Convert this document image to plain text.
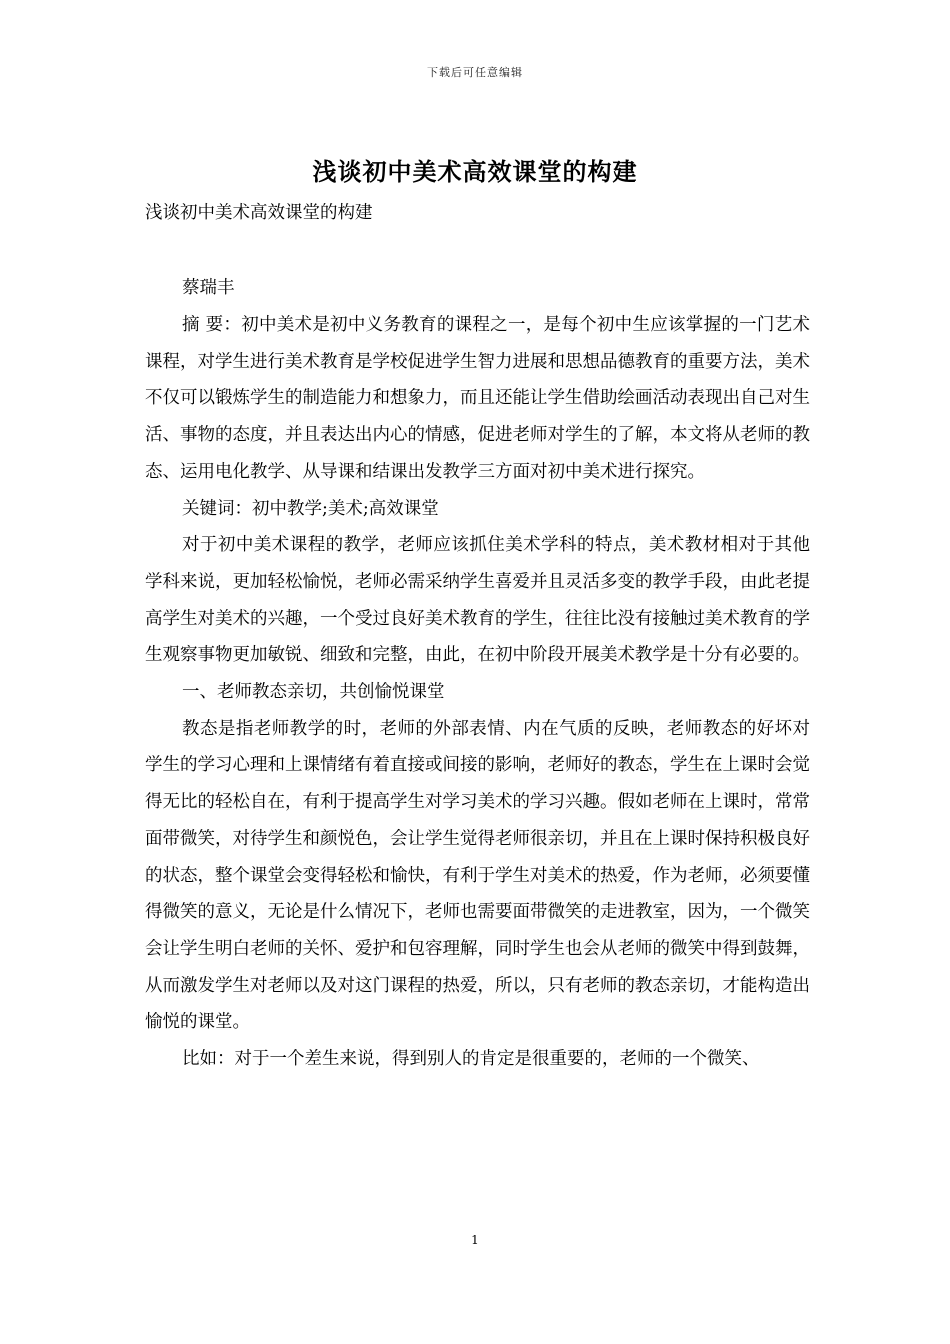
下载后可任意编辑
浅谈初中美术高效课堂的构建
浅谈初中美术高效课堂的构建
蔡瑞丰

摘 要：初中美术是初中义务教育的课程之一，是每个初中生应该掌握的一门艺术课程，对学生进行美术教育是学校促进学生智力进展和思想品德教育的重要方法，美术不仅可以锻炼学生的制造能力和想象力，而且还能让学生借助绘画活动表现出自己对生活、事物的态度，并且表达出内心的情感，促进老师对学生的了解，本文将从老师的教态、运用电化教学、从导课和结课出发教学三方面对初中美术进行探究。

关键词：初中教学;美术;高效课堂

对于初中美术课程的教学，老师应该抓住美术学科的特点，美术教材相对于其他学科来说，更加轻松愉悦，老师必需采纳学生喜爱并且灵活多变的教学手段，由此老提高学生对美术的兴趣，一个受过良好美术教育的学生，往往比没有接触过美术教育的学生观察事物更加敏锐、细致和完整，由此，在初中阶段开展美术教学是十分有必要的。

一、老师教态亲切，共创愉悦课堂

教态是指老师教学的时，老师的外部表情、内在气质的反映，老师教态的好坏对学生的学习心理和上课情绪有着直接或间接的影响，老师好的教态，学生在上课时会觉得无比的轻松自在，有利于提高学生对学习美术的学习兴趣。假如老师在上课时，常常面带微笑，对待学生和颜悦色，会让学生觉得老师很亲切，并且在上课时保持积极良好的状态，整个课堂会变得轻松和愉快，有利于学生对美术的热爱，作为老师，必须要懂得微笑的意义，无论是什么情况下，老师也需要面带微笑的走进教室，因为，一个微笑会让学生明白老师的关怀、爱护和包容理解，同时学生也会从老师的微笑中得到鼓舞，从而激发学生对老师以及对这门课程的热爱，所以，只有老师的教态亲切，才能构造出愉悦的课堂。

比如：对于一个差生来说，得到别人的肯定是很重要的，老师的一个微笑、

1
